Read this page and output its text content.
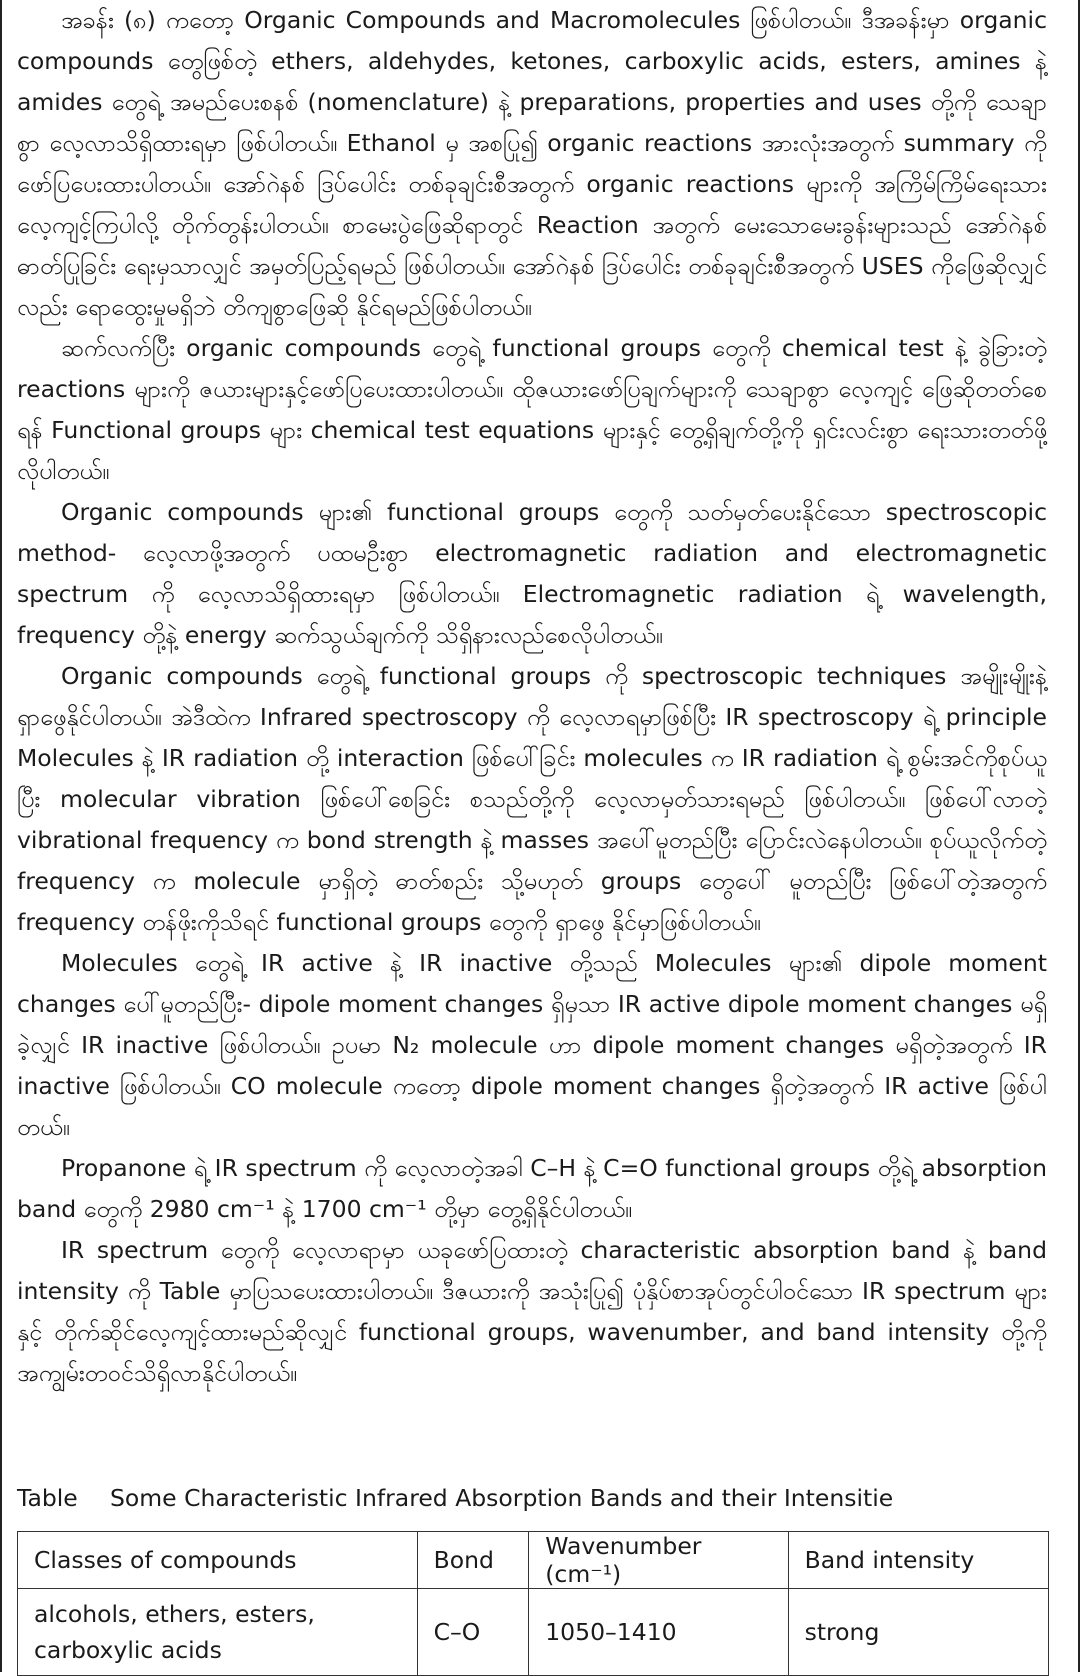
အခန်း (၈) ကတော့ Organic Compounds and Macromolecules ဖြစ်ပါတယ်။ ဒီအခန်းမှာ organic compounds တွေဖြစ်တဲ့ ethers, aldehydes, ketones, carboxylic acids, esters, amines နဲ့ amides တွေရဲ့ အမည်ပေးစနစ် (nomenclature) နဲ့ preparations, properties and uses တို့ကို သေချာစွာ လေ့လာသိရှိထားရမှာ ဖြစ်ပါတယ်။ Ethanol မှ အစပြု၍ organic reactions အားလုံးအတွက် summary ကို ဖော်ပြပေးထားပါတယ်။ အော်ဂဲနစ် ဒြပ်ပေါင်း တစ်ခုချင်းစီအတွက် organic reactions များကို အကြိမ်ကြိမ်ရေးသားလေ့ကျင့်ကြပါလို့ တိုက်တွန်းပါတယ်။ စာမေးပွဲဖြေဆိုရာတွင် Reaction အတွက် မေးသောမေးခွန်းများသည် အော်ဂဲနစ်ဓာတ်ပြုခြင်း ရေးမှသာလျှင် အမှတ်ပြည့်ရမည် ဖြစ်ပါတယ်။ အော်ဂဲနစ် ဒြပ်ပေါင်း တစ်ခုချင်းစီအတွက် USES ကိုဖြေဆိုလျှင်လည်း ရောထွေးမှုမရှိဘဲ တိကျစွာဖြေဆို နိုင်ရမည်ဖြစ်ပါတယ်။

ဆက်လက်ပြီး organic compounds တွေရဲ့ functional groups တွေကို chemical test နဲ့ ခွဲခြားတဲ့ reactions များကို ဇယားများနှင့်ဖော်ပြပေးထားပါတယ်။ ထိုဇယားဖော်ပြချက်များကို သေချာစွာ လေ့ကျင့် ဖြေဆိုတတ်စေရန် Functional groups များ chemical test equations များနှင့် တွေ့ရှိချက်တို့ကို ရှင်းလင်းစွာ ရေးသားတတ်ဖို့လိုပါတယ်။

Organic compounds များ၏ functional groups တွေကို သတ်မှတ်ပေးနိုင်သော spectroscopic method- လေ့လာဖို့အတွက် ပထမဦးစွာ electromagnetic radiation and electromagnetic spectrum ကို လေ့လာသိရှိထားရမှာ ဖြစ်ပါတယ်။ Electromagnetic radiation ရဲ့ wavelength, frequency တို့နဲ့ energy ဆက်သွယ်ချက်ကို သိရှိနားလည်စေလိုပါတယ်။

Organic compounds တွေရဲ့ functional groups ကို spectroscopic techniques အမျိုးမျိုးနဲ့ ရှာဖွေနိုင်ပါတယ်။ အဲဒီထဲက Infrared spectroscopy ကို လေ့လာရမှာဖြစ်ပြီး IR spectroscopy ရဲ့ principle Molecules နဲ့ IR radiation တို့ interaction ဖြစ်ပေါ်ခြင်း molecules က IR radiation ရဲ့ စွမ်းအင်ကိုစုပ်ယူပြီး molecular vibration ဖြစ်ပေါ်စေခြင်း စသည်တို့ကို လေ့လာမှတ်သားရမည် ဖြစ်ပါတယ်။ ဖြစ်ပေါ်လာတဲ့ vibrational frequency က bond strength နဲ့ masses အပေါ်မူတည်ပြီး ပြောင်းလဲနေပါတယ်။ စုပ်ယူလိုက်တဲ့ frequency က molecule မှာရှိတဲ့ ဓာတ်စည်း သို့မဟုတ် groups တွေပေါ် မူတည်ပြီး ဖြစ်ပေါ်တဲ့အတွက် frequency တန်ဖိုးကိုသိရင် functional groups တွေကို ရှာဖွေ နိုင်မှာဖြစ်ပါတယ်။

Molecules တွေရဲ့ IR active နဲ့ IR inactive တို့သည် Molecules များ၏ dipole moment changes ပေါ်မူတည်ပြီး- dipole moment changes ရှိမှသာ IR active dipole moment changes မရှိခဲ့လျှင် IR inactive ဖြစ်ပါတယ်။ ဥပမာ N₂ molecule ဟာ dipole moment changes မရှိတဲ့အတွက် IR inactive ဖြစ်ပါတယ်။ CO molecule ကတော့ dipole moment changes ရှိတဲ့အတွက် IR active ဖြစ်ပါတယ်။

Propanone ရဲ့ IR spectrum ကို လေ့လာတဲ့အခါ C–H နဲ့ C=O functional groups တို့ရဲ့ absorption band တွေကို 2980 cm⁻¹ နဲ့ 1700 cm⁻¹ တို့မှာ တွေ့ရှိနိုင်ပါတယ်။

IR spectrum တွေကို လေ့လာရာမှာ ယခုဖော်ပြထားတဲ့ characteristic absorption band နဲ့ band intensity ကို Table မှာပြသပေးထားပါတယ်။ ဒီဇယားကို အသုံးပြု၍ ပုံနှိပ်စာအုပ်တွင်ပါဝင်သော IR spectrum များနှင့် တိုက်ဆိုင်လေ့ကျင့်ထားမည်ဆိုလျှင် functional groups, wavenumber, and band intensity တို့ကို အကျွမ်းတဝင်သိရှိလာနိုင်ပါတယ်။

Table Some Characteristic Infrared Absorption Bands and their Intensitie
Classes of compounds	Bond	Wavenumber (cm⁻¹)	Band intensity
alcohols, ethers, esters, carboxylic acids	C–O	1050–1410	strong
